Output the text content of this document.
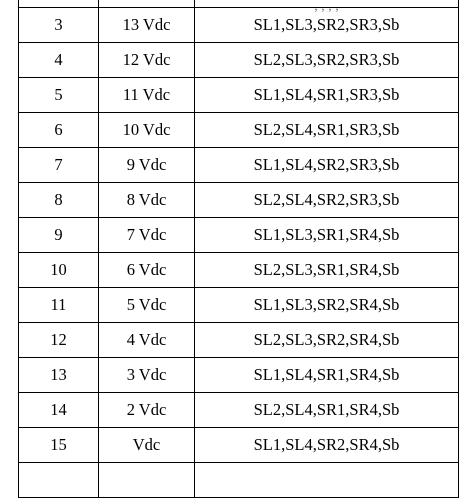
		, , , ,
3	13 Vdc	SL1,SL3,SR2,SR3,Sb
4	12 Vdc	SL2,SL3,SR2,SR3,Sb
5	11 Vdc	SL1,SL4,SR1,SR3,Sb
6	10 Vdc	SL2,SL4,SR1,SR3,Sb
7	9 Vdc	SL1,SL4,SR2,SR3,Sb
8	8 Vdc	SL2,SL4,SR2,SR3,Sb
9	7 Vdc	SL1,SL3,SR1,SR4,Sb
10	6 Vdc	SL2,SL3,SR1,SR4,Sb
11	5 Vdc	SL1,SL3,SR2,SR4,Sb
12	4 Vdc	SL2,SL3,SR2,SR4,Sb
13	3 Vdc	SL1,SL4,SR1,SR4,Sb
14	2 Vdc	SL2,SL4,SR1,SR4,Sb
15	Vdc	SL1,SL4,SR2,SR4,Sb
